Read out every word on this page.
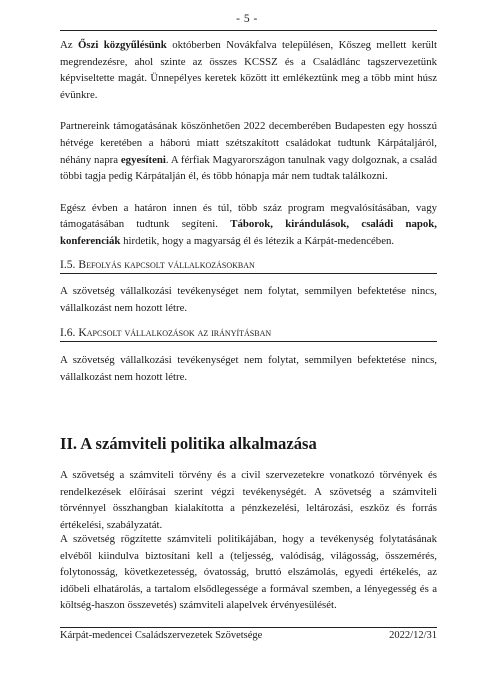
- 5 -

Az Őszi közgyűlésünk októberben Novákfalva településen, Kőszeg mellett került megrendezésre, ahol szinte az összes KCSSZ és a Családlánc tagszervezetünk képviseltette magát. Ünnepélyes keretek között itt emlékeztünk meg a több mint húsz évünkre.

Partnereink támogatásának köszönhetően 2022 decemberében Budapesten egy hosszú hétvége keretében a háború miatt szétszakított családokat tudtunk Kárpátaljáról, néhány napra egyesíteni. A férfiak Magyarországon tanulnak vagy dolgoznak, a család többi tagja pedig Kárpátalján él, és több hónapja már nem tudtak találkozni.

Egész évben a határon innen és túl, több száz program megvalósításában, vagy támogatásában tudtunk segíteni. Táborok, kirándulások, családi napok, konferenciák hirdetik, hogy a magyarság él és létezik a Kárpát-medencében.

I.5. Befolyás kapcsolt vállalkozásokban

A szövetség vállalkozási tevékenységet nem folytat, semmilyen befektetése nincs, vállalkozást nem hozott létre.

I.6. Kapcsolt vállalkozások az irányításban

A szövetség vállalkozási tevékenységet nem folytat, semmilyen befektetése nincs, vállalkozást nem hozott létre.

II. A számviteli politika alkalmazása

A szövetség a számviteli törvény és a civil szervezetekre vonatkozó törvények és rendelkezések előírásai szerint végzi tevékenységét. A szövetség a számviteli törvénnyel összhangban kialakította a pénzkezelési, leltározási, eszköz és forrás értékelési, szabályzatát.

A szövetség rögzítette számviteli politikájában, hogy a tevékenység folytatásának elvéből kiindulva biztosítani kell a (teljesség, valódiság, világosság, összemérés, folytonosság, következetesség, óvatosság, bruttó elszámolás, egyedi értékelés, az időbeli elhatárolás, a tartalom elsődlegessége a formával szemben, a lényegesség és a költség-haszon összevetés) számviteli alapelvek érvényesülését.

Kárpát-medencei Családszervezetek Szövetsége	2022/12/31
